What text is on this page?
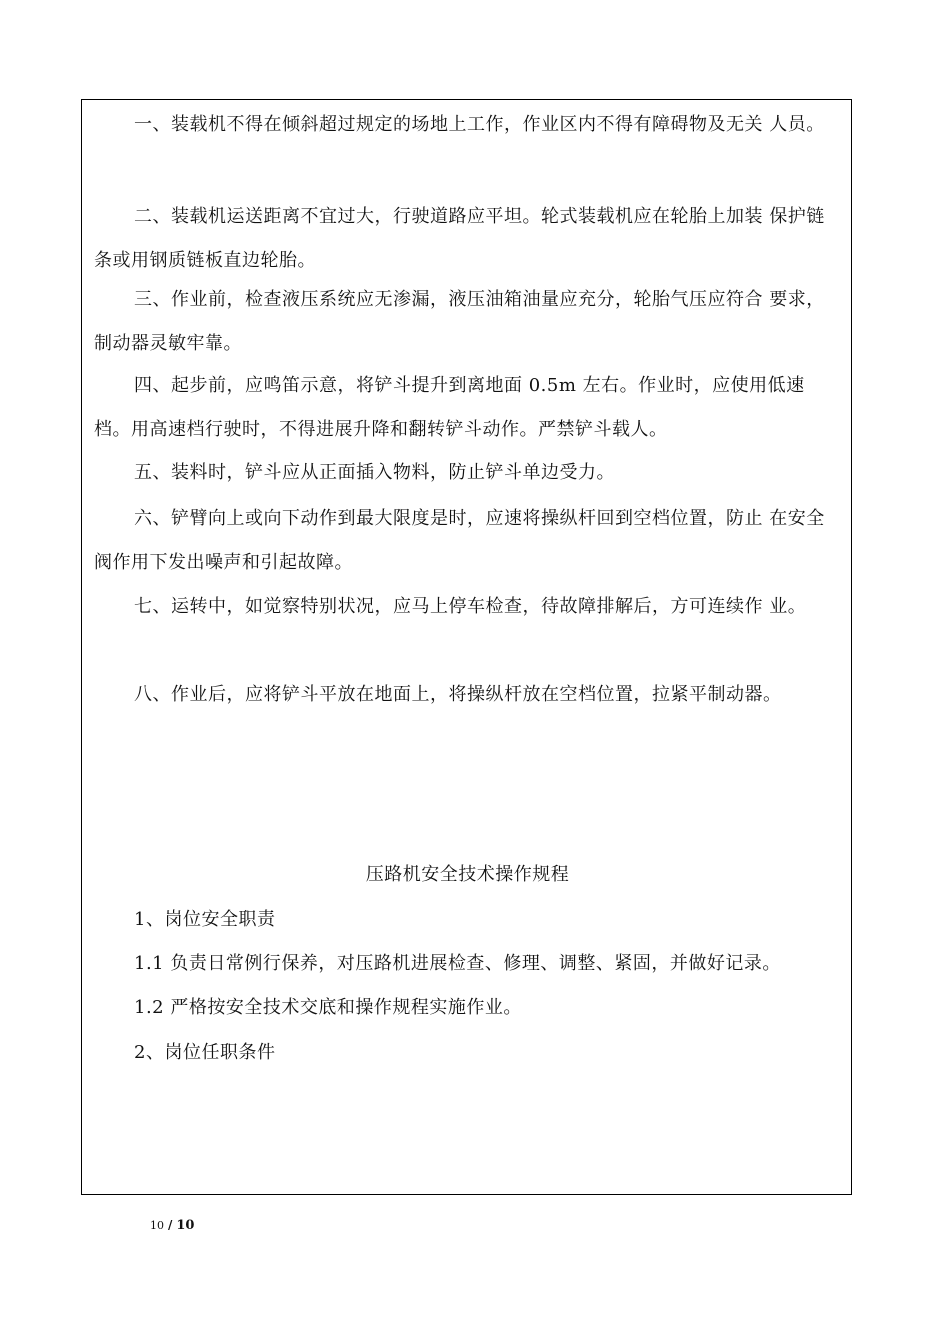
一、装载机不得在倾斜超过规定的场地上工作，作业区内不得有障碍物及无关 人员。

二、装载机运送距离不宜过大，行驶道路应平坦。轮式装载机应在轮胎上加装 保护链条或用钢质链板直边轮胎。

三、作业前，检查液压系统应无渗漏，液压油箱油量应充分，轮胎气压应符合 要求，制动器灵敏牢靠。

四、起步前，应鸣笛示意，将铲斗提升到离地面 0.5m 左右。作业时，应使用低速档。用高速档行驶时，不得进展升降和翻转铲斗动作。严禁铲斗载人。

五、装料时，铲斗应从正面插入物料，防止铲斗单边受力。

六、铲臂向上或向下动作到最大限度是时，应速将操纵杆回到空档位置，防止 在安全阀作用下发出噪声和引起故障。

七、运转中，如觉察特别状况，应马上停车检查，待故障排解后，方可连续作 业。

八、作业后，应将铲斗平放在地面上，将操纵杆放在空档位置，拉紧平制动器。

压路机安全技术操作规程
1、岗位安全职责
1.1 负责日常例行保养，对压路机进展检查、修理、调整、紧固，并做好记录。
1.2 严格按安全技术交底和操作规程实施作业。
2、岗位任职条件
10 / 10
